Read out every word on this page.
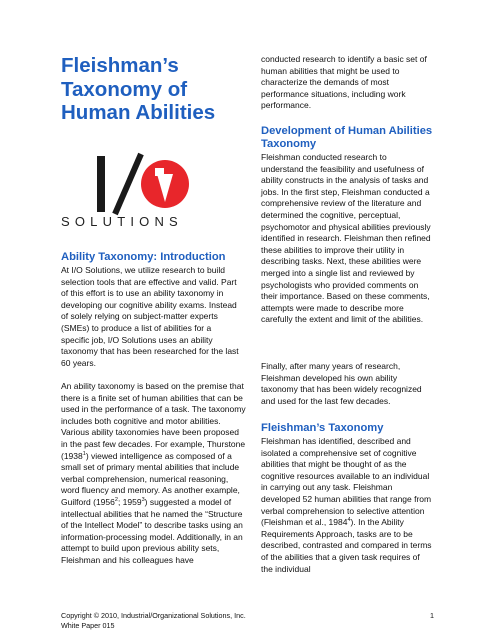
Fleishman’s Taxonomy of Human Abilities
SOLUTIONS
Ability Taxonomy: Introduction

At I/O Solutions, we utilize research to build selection tools that are effective and valid. Part of this effort is to use an ability taxonomy in developing our cognitive ability exams. Instead of solely relying on subject-matter experts (SMEs) to produce a list of abilities for a specific job, I/O Solutions uses an ability taxonomy that has been researched for the last 60 years.

An ability taxonomy is based on the premise that there is a finite set of human abilities that can be used in the performance of a task. The taxonomy includes both cognitive and motor abilities. Various ability taxonomies have been proposed in the past few decades. For example, Thurstone (1938$^1$) viewed intelligence as composed of a small set of primary mental abilities that include verbal comprehension, numerical reasoning, word fluency and memory. As another example, Guilford (1956$^2$; 1959$^3$) suggested a model of intellectual abilities that he named the “Structure of the Intellect Model” to describe tasks using an information-processing model. Additionally, in an attempt to build upon previous ability sets, Fleishman and his colleagues have

conducted research to identify a basic set of human abilities that might be used to characterize the demands of most performance situations, including work performance.

Development of Human Abilities Taxonomy

Fleishman conducted research to understand the feasibility and usefulness of ability constructs in the analysis of tasks and jobs. In the first step, Fleishman conducted a comprehensive review of the literature and determined the cognitive, perceptual, psychomotor and physical abilities previously identified in research. Fleishman then refined these abilities to improve their utility in describing tasks. Next, these abilities were merged into a single list and reviewed by psychologists who provided comments on their importance. Based on these comments, attempts were made to describe more carefully the extent and limit of the abilities.

Finally, after many years of research, Fleishman developed his own ability taxonomy that has been widely recognized and used for the last few decades.

Fleishman’s Taxonomy

Fleishman has identified, described and isolated a comprehensive set of cognitive abilities that might be thought of as the cognitive resources available to an individual in carrying out any task. Fleishman developed 52 human abilities that range from verbal comprehension to selective attention (Fleishman et al., 1984$^4$). In the Ability Requirements Approach, tasks are to be described, contrasted and compared in terms of the abilities that a given task requires of the individual

Copyright © 2010, Industrial/Organizational Solutions, Inc.
White Paper 015
1
